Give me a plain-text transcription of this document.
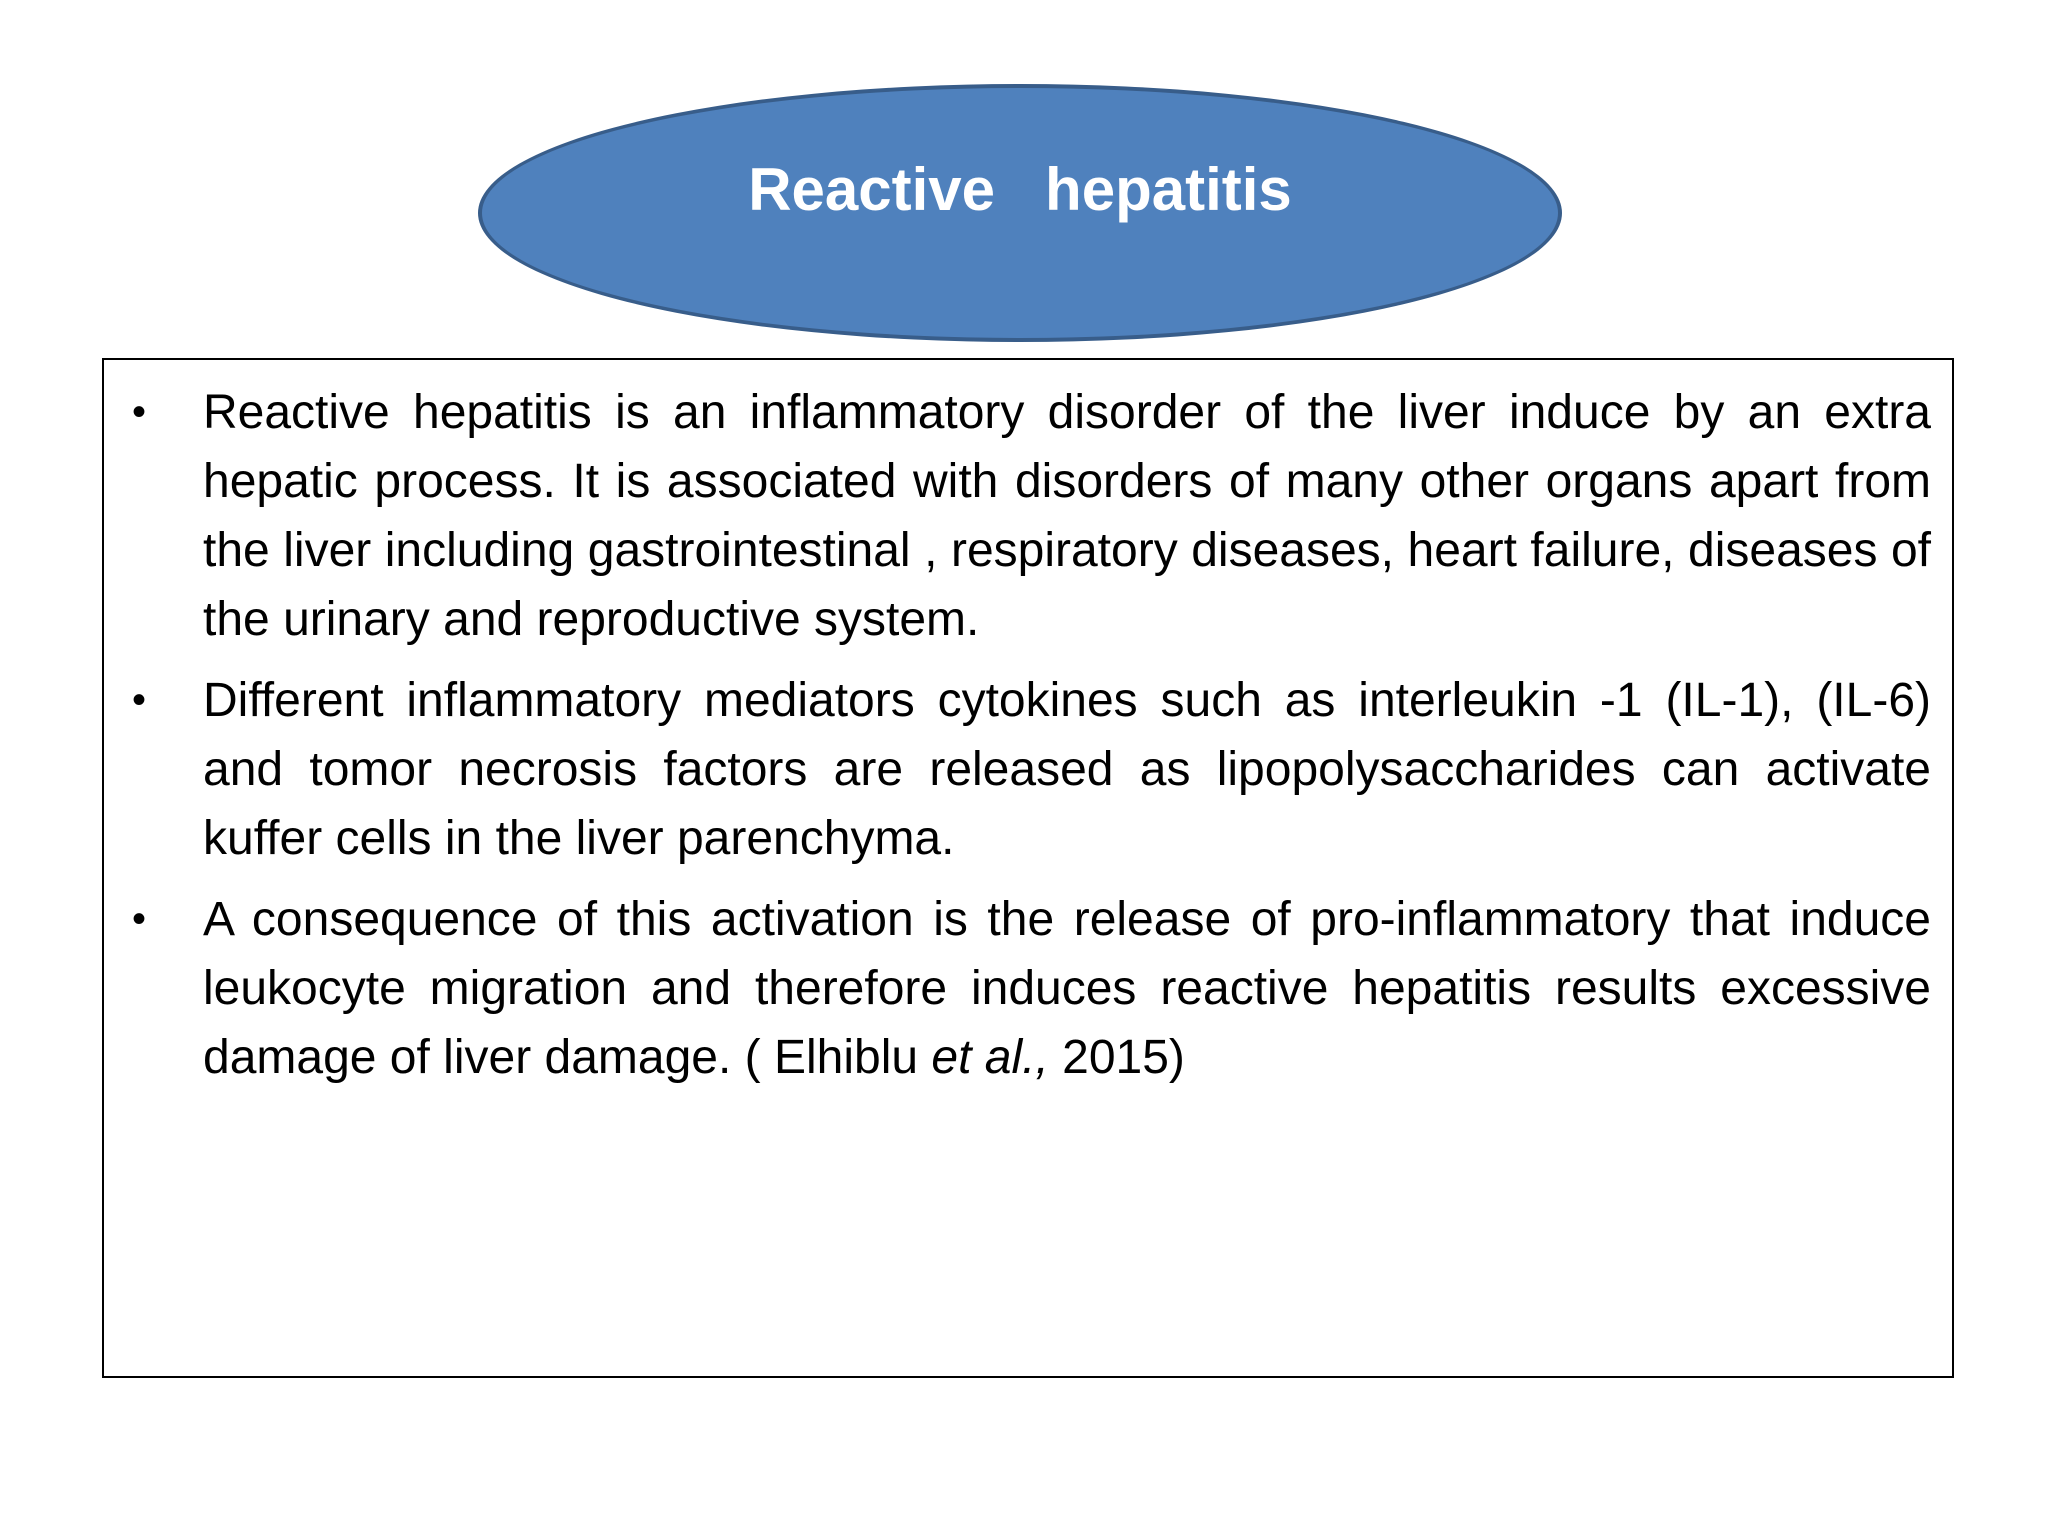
Reactive   hepatitis
• Reactive hepatitis is an inflammatory disorder of the liver induce by an extra hepatic process. It is associated with disorders of many other organs apart from the liver including gastrointestinal , respiratory diseases, heart failure, diseases of the urinary and reproductive system.
• Different inflammatory mediators cytokines such as interleukin -1 (IL-1), (IL-6) and tomor necrosis factors are released as lipopolysaccharides can activate kuffer cells in the liver parenchyma.
• A consequence of this activation is the release of pro-inflammatory that induce leukocyte migration and therefore induces reactive hepatitis results excessive damage of liver damage. ( Elhiblu et al., 2015)
